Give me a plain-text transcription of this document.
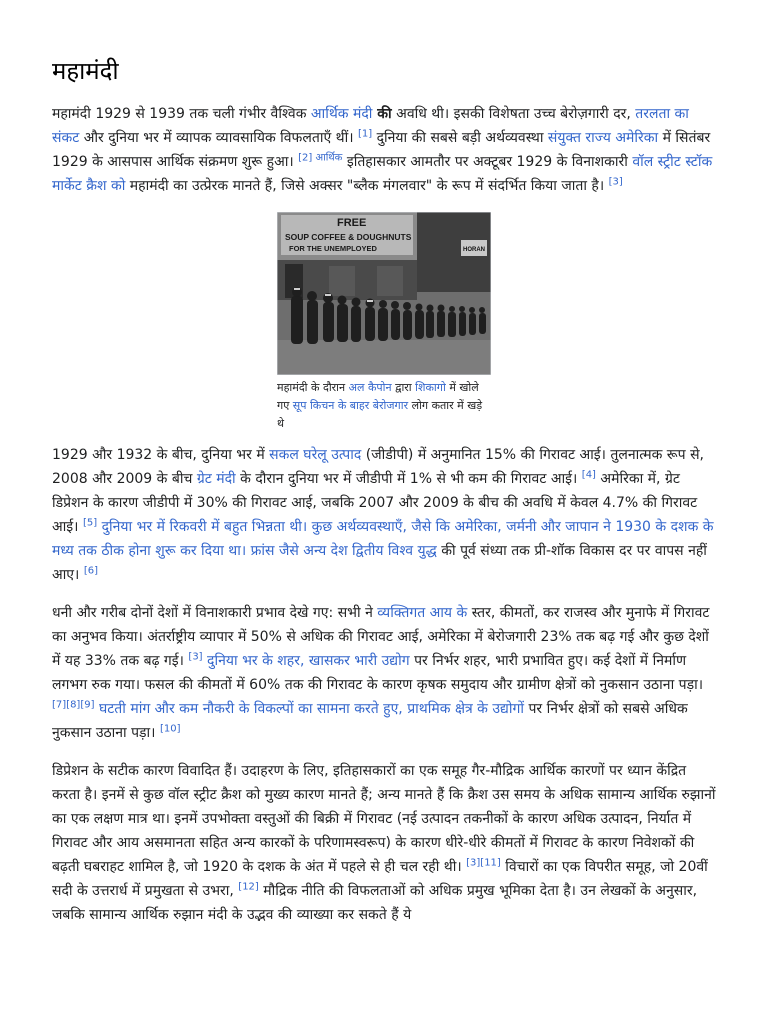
महामंदी

महामंदी 1929 से 1939 तक चली गंभीर वैश्विक आर्थिक मंदी की अवधि थी। इसकी विशेषता उच्च बेरोज़गारी दर, तरलता का संकट और दुनिया भर में व्यापक व्यावसायिक विफलताएँ थीं। [1] दुनिया की सबसे बड़ी अर्थव्यवस्था संयुक्त राज्य अमेरिका में सितंबर 1929 के आसपास आर्थिक संक्रमण शुरू हुआ। $^{[2] आर्थिक}$ इतिहासकार आमतौर पर अक्टूबर 1929 के विनाशकारी वॉल स्ट्रीट स्टॉक मार्केट क्रैश को महामंदी का उत्प्रेरक मानते हैं, जिसे अक्सर "ब्लैक मंगलवार" के रूप में संदर्भित किया जाता है। [3]

FREE
SOUP COFFEE & DOUGHNUTS
FOR THE UNEMPLOYED	HORAN
महामंदी के दौरान अल कैपोन द्वारा शिकागो में खोले गए सूप किचन के बाहर बेरोजगार लोग कतार में खड़े थे

1929 और 1932 के बीच, दुनिया भर में सकल घरेलू उत्पाद (जीडीपी) में अनुमानित 15% की गिरावट आई। तुलनात्मक रूप से, 2008 और 2009 के बीच ग्रेट मंदी के दौरान दुनिया भर में जीडीपी में 1% से भी कम की गिरावट आई। [4] अमेरिका में, ग्रेट डिप्रेशन के कारण जीडीपी में 30% की गिरावट आई, जबकि 2007 और 2009 के बीच की अवधि में केवल 4.7% की गिरावट आई। [5] दुनिया भर में रिकवरी में बहुत भिन्नता थी। कुछ अर्थव्यवस्थाएँ, जैसे कि अमेरिका, जर्मनी और जापान ने 1930 के दशक के मध्य तक ठीक होना शुरू कर दिया था। फ्रांस जैसे अन्य देश द्वितीय विश्व युद्ध की पूर्व संध्या तक प्री-शॉक विकास दर पर वापस नहीं आए। [6]

धनी और गरीब दोनों देशों में विनाशकारी प्रभाव देखे गए: सभी ने व्यक्तिगत आय के स्तर, कीमतों, कर राजस्व और मुनाफे में गिरावट का अनुभव किया। अंतर्राष्ट्रीय व्यापार में 50% से अधिक की गिरावट आई, अमेरिका में बेरोजगारी 23% तक बढ़ गई और कुछ देशों में यह 33% तक बढ़ गई। [3] दुनिया भर के शहर, खासकर भारी उद्योग पर निर्भर शहर, भारी प्रभावित हुए। कई देशों में निर्माण लगभग रुक गया। फसल की कीमतों में 60% तक की गिरावट के कारण कृषक समुदाय और ग्रामीण क्षेत्रों को नुकसान उठाना पड़ा। [7][8][9] घटती मांग और कम नौकरी के विकल्पों का सामना करते हुए, प्राथमिक क्षेत्र के उद्योगों पर निर्भर क्षेत्रों को सबसे अधिक नुकसान उठाना पड़ा। [10]

डिप्रेशन के सटीक कारण विवादित हैं। उदाहरण के लिए, इतिहासकारों का एक समूह गैर-मौद्रिक आर्थिक कारणों पर ध्यान केंद्रित करता है। इनमें से कुछ वॉल स्ट्रीट क्रैश को मुख्य कारण मानते हैं; अन्य मानते हैं कि क्रैश उस समय के अधिक सामान्य आर्थिक रुझानों का एक लक्षण मात्र था। इनमें उपभोक्ता वस्तुओं की बिक्री में गिरावट (नई उत्पादन तकनीकों के कारण अधिक उत्पादन, निर्यात में गिरावट और आय असमानता सहित अन्य कारकों के परिणामस्वरूप) के कारण धीरे-धीरे कीमतों में गिरावट के कारण निवेशकों की बढ़ती घबराहट शामिल है, जो 1920 के दशक के अंत में पहले से ही चल रही थी। [3][11] विचारों का एक विपरीत समूह, जो 20वीं सदी के उत्तरार्ध में प्रमुखता से उभरा, [12] मौद्रिक नीति की विफलताओं को अधिक प्रमुख भूमिका देता है। उन लेखकों के अनुसार, जबकि सामान्य आर्थिक रुझान मंदी के उद्भव की व्याख्या कर सकते हैं ये
